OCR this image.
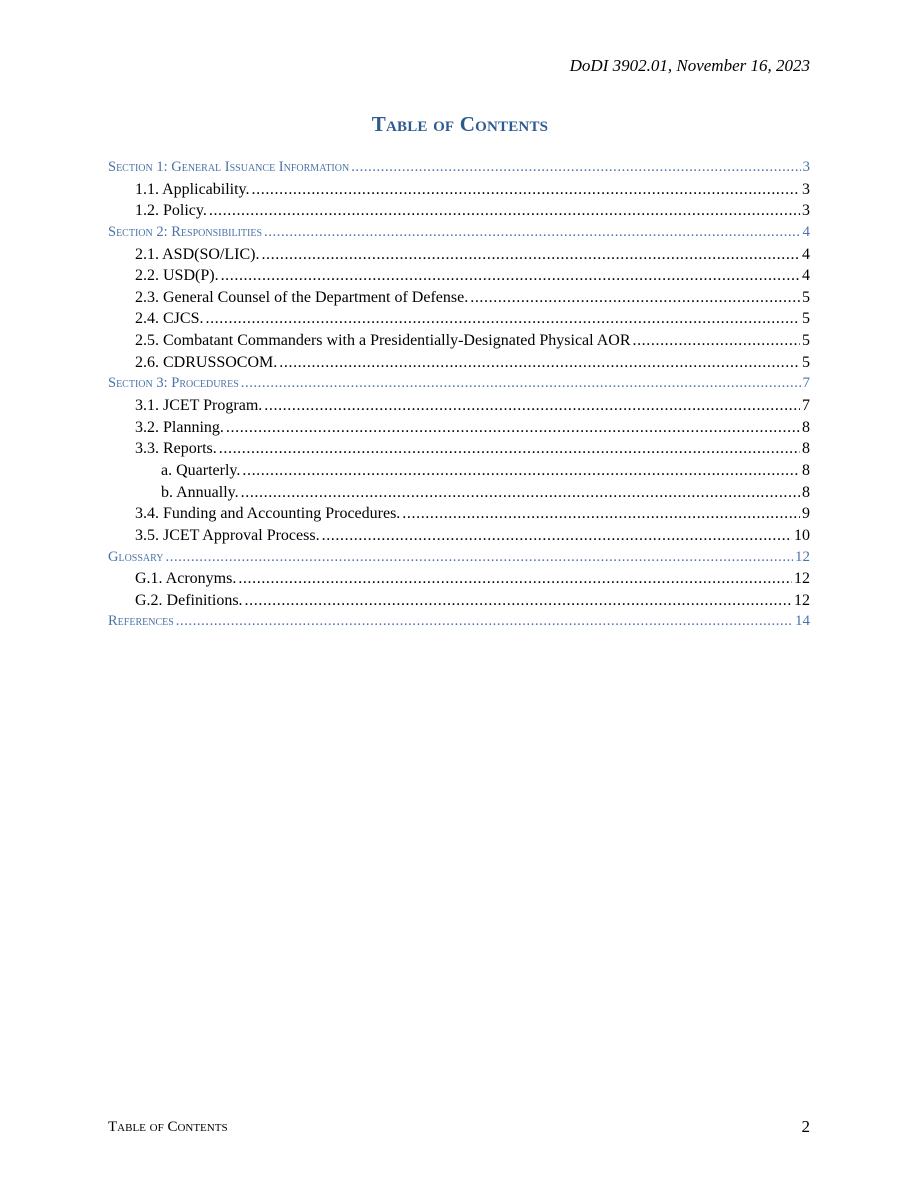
DoDI 3902.01, November 16, 2023
Table of Contents
Section 1: General Issuance Information .....	3
1.1. Applicability. .....	3
1.2. Policy. .....	3
Section 2: Responsibilities .....	4
2.1. ASD(SO/LIC). .....	4
2.2. USD(P). .....	4
2.3. General Counsel of the Department of Defense. .....	5
2.4. CJCS. .....	5
2.5. Combatant Commanders with a Presidentially-Designated Physical AOR .....	5
2.6. CDRUSSOCOM. .....	5
Section 3: Procedures .....	7
3.1. JCET Program. .....	7
3.2. Planning. .....	8
3.3. Reports. .....	8
a. Quarterly. .....	8
b. Annually. .....	8
3.4. Funding and Accounting Procedures. .....	9
3.5. JCET Approval Process. .....	10
Glossary .....	12
G.1. Acronyms. .....	12
G.2. Definitions. .....	12
References .....	14
Table of Contents	2
